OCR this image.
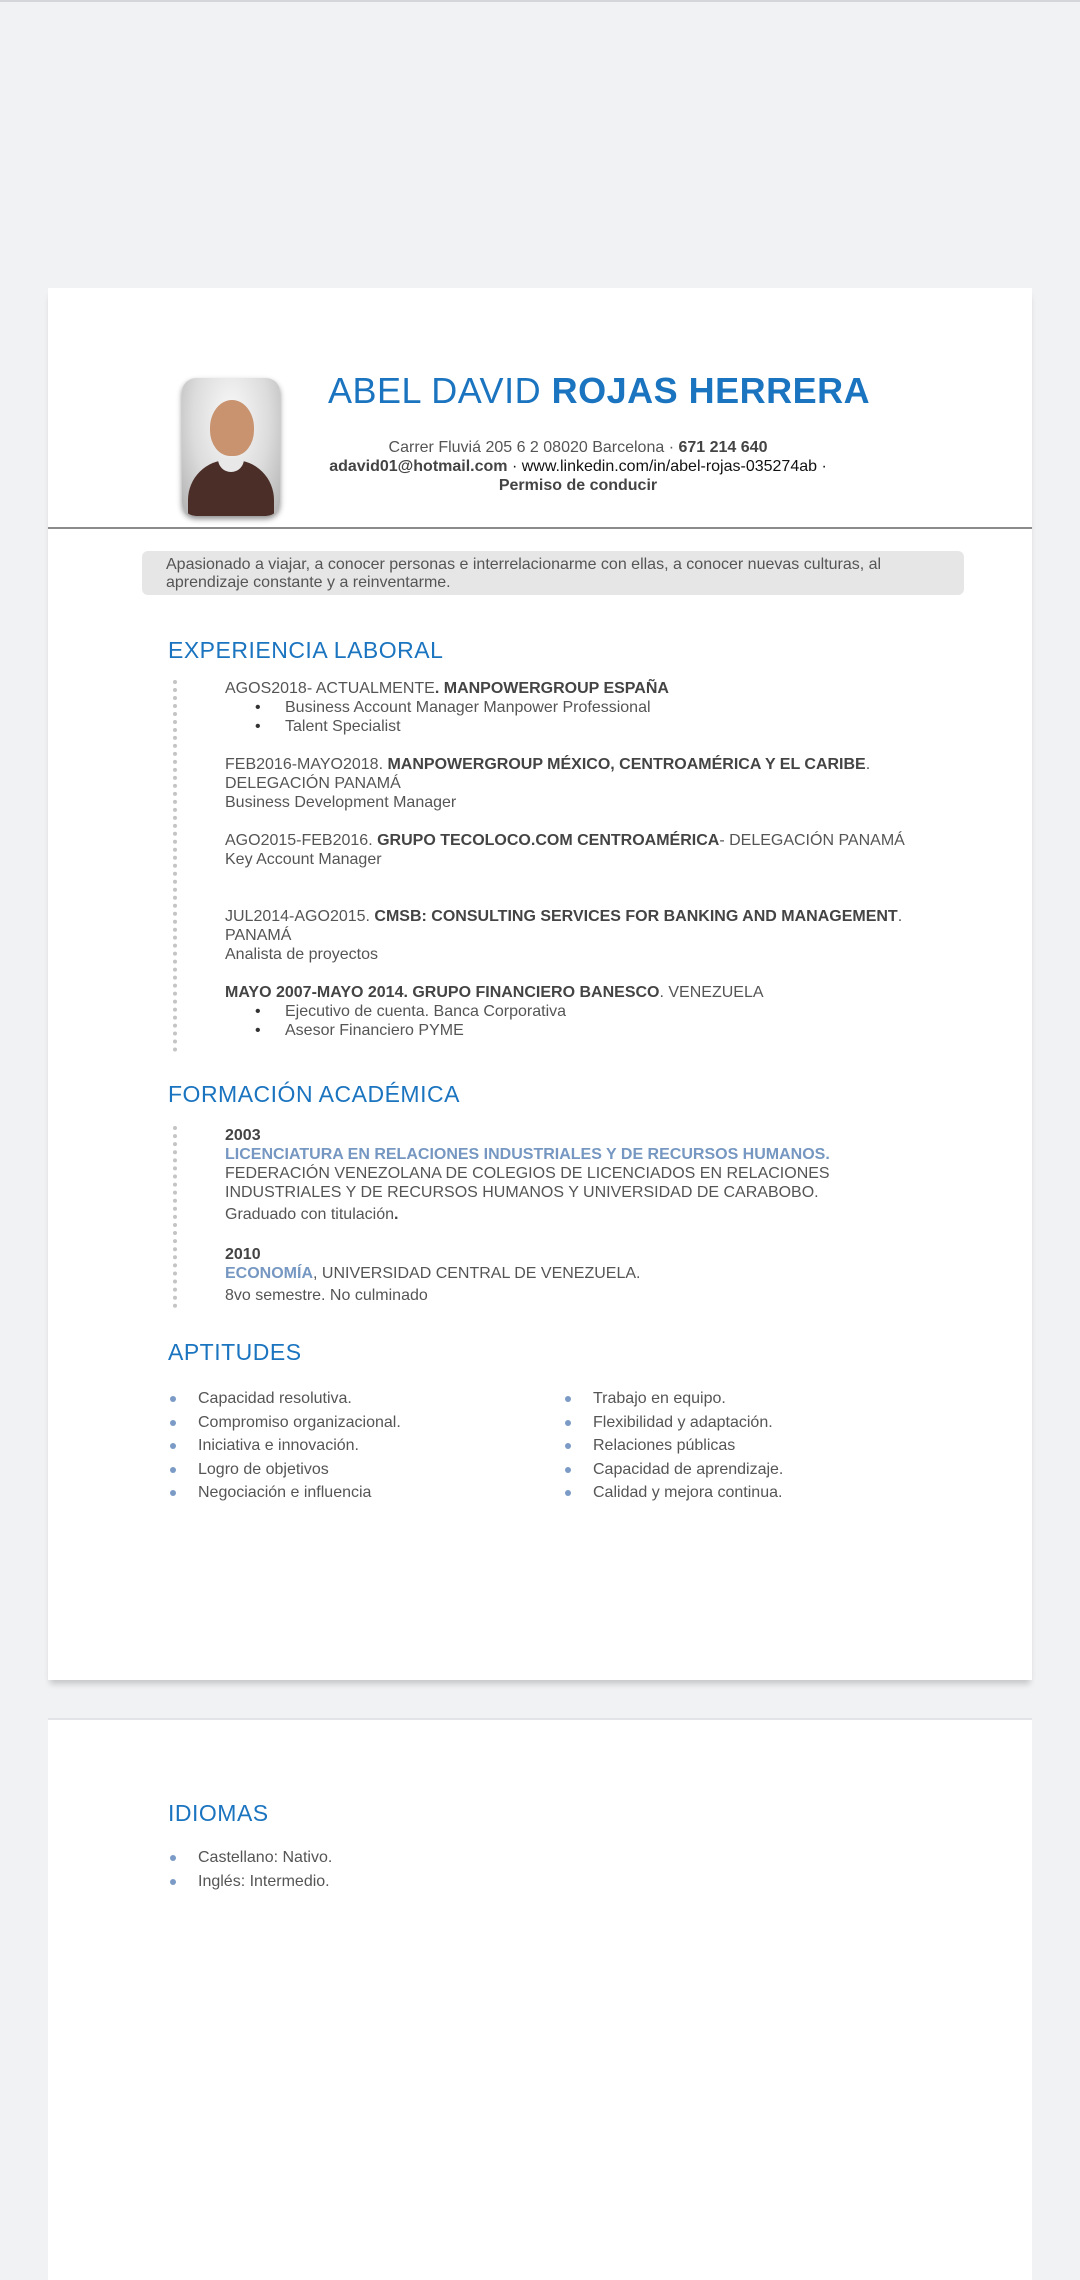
ABEL DAVID ROJAS HERRERA
Carrer Fluviá 205 6 2 08020 Barcelona · 671 214 640
adavid01@hotmail.com · www.linkedin.com/in/abel-rojas-035274ab ·
Permiso de conducir
Apasionado a viajar, a conocer personas e interrelacionarme con ellas, a conocer nuevas culturas, al aprendizaje constante y a reinventarme.
EXPERIENCIA LABORAL
AGOS2018- ACTUALMENTE. MANPOWERGROUP ESPAÑA
• Business Account Manager Manpower Professional
• Talent Specialist
FEB2016-MAYO2018. MANPOWERGROUP MÉXICO, CENTROAMÉRICA Y EL CARIBE. DELEGACIÓN PANAMÁ
Business Development Manager
AGO2015-FEB2016. GRUPO TECOLOCO.COM CENTROAMÉRICA- DELEGACIÓN PANAMÁ
Key Account Manager
JUL2014-AGO2015. CMSB: CONSULTING SERVICES FOR BANKING AND MANAGEMENT. PANAMÁ
Analista de proyectos
MAYO 2007-MAYO 2014. GRUPO FINANCIERO BANESCO. VENEZUELA
• Ejecutivo de cuenta. Banca Corporativa
• Asesor Financiero PYME
FORMACIÓN ACADÉMICA
2003
LICENCIATURA EN RELACIONES INDUSTRIALES Y DE RECURSOS HUMANOS.
FEDERACIÓN VENEZOLANA DE COLEGIOS DE LICENCIADOS EN RELACIONES INDUSTRIALES Y DE RECURSOS HUMANOS Y UNIVERSIDAD DE CARABOBO.
Graduado con titulación.
2010
ECONOMÍA, UNIVERSIDAD CENTRAL DE VENEZUELA.
8vo semestre. No culminado
APTITUDES
Capacidad resolutiva.
Compromiso organizacional.
Iniciativa e innovación.
Logro de objetivos
Negociación e influencia
Trabajo en equipo.
Flexibilidad y adaptación.
Relaciones públicas
Capacidad de aprendizaje.
Calidad y mejora continua.
IDIOMAS
Castellano: Nativo.
Inglés: Intermedio.
